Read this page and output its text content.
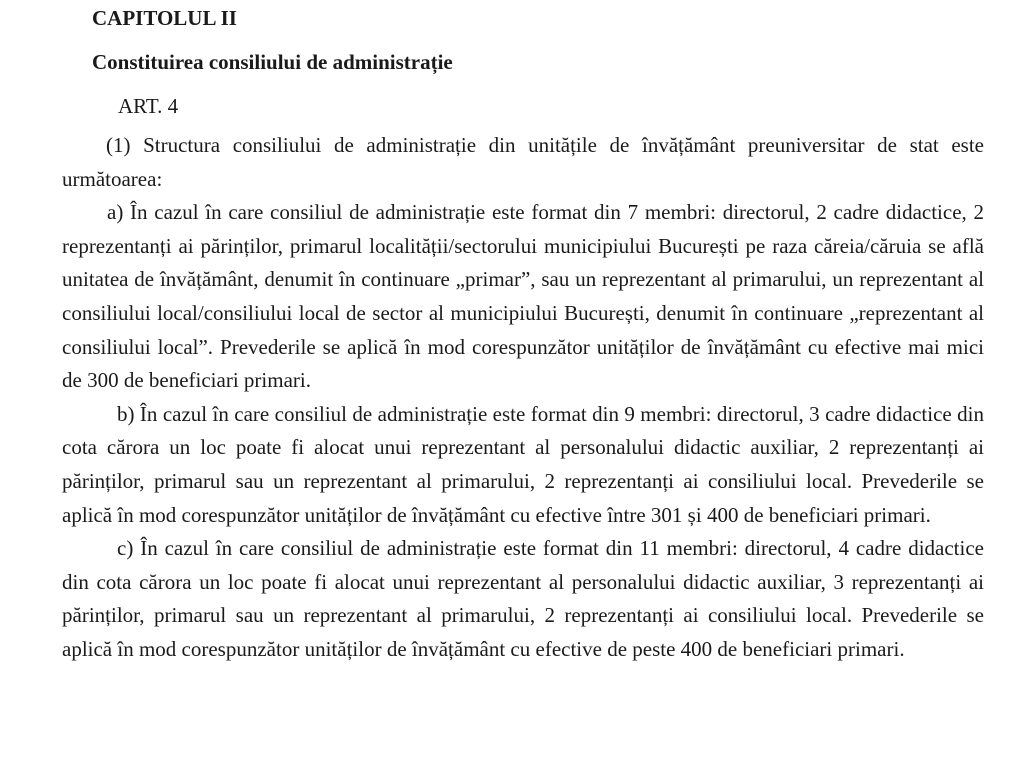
CAPITOLUL II
Constituirea consiliului de administrație

ART. 4

(1) Structura consiliului de administrație din unitățile de învățământ preuniversitar de stat este următoarea:

a) În cazul în care consiliul de administrație este format din 7 membri: directorul, 2 cadre didactice, 2 reprezentanți ai părinților, primarul localității/sectorului municipiului București pe raza căreia/căruia se află unitatea de învățământ, denumit în continuare „primar”, sau un reprezentant al primarului, un reprezentant al consiliului local/consiliului local de sector al municipiului București, denumit în continuare „reprezentant al consiliului local”. Prevederile se aplică în mod corespunzător unităților de învățământ cu efective mai mici de 300 de beneficiari primari.

b) În cazul în care consiliul de administrație este format din 9 membri: directorul, 3 cadre didactice din cota cărora un loc poate fi alocat unui reprezentant al personalului didactic auxiliar, 2 reprezentanți ai părinților, primarul sau un reprezentant al primarului, 2 reprezentanți ai consiliului local. Prevederile se aplică în mod corespunzător unităților de învățământ cu efective între 301 și 400 de beneficiari primari.

c) În cazul în care consiliul de administrație este format din 11 membri: directorul, 4 cadre didactice din cota cărora un loc poate fi alocat unui reprezentant al personalului didactic auxiliar, 3 reprezentanți ai părinților, primarul sau un reprezentant al primarului, 2 reprezentanți ai consiliului local. Prevederile se aplică în mod corespunzător unităților de învățământ cu efective de peste 400 de beneficiari primari.
